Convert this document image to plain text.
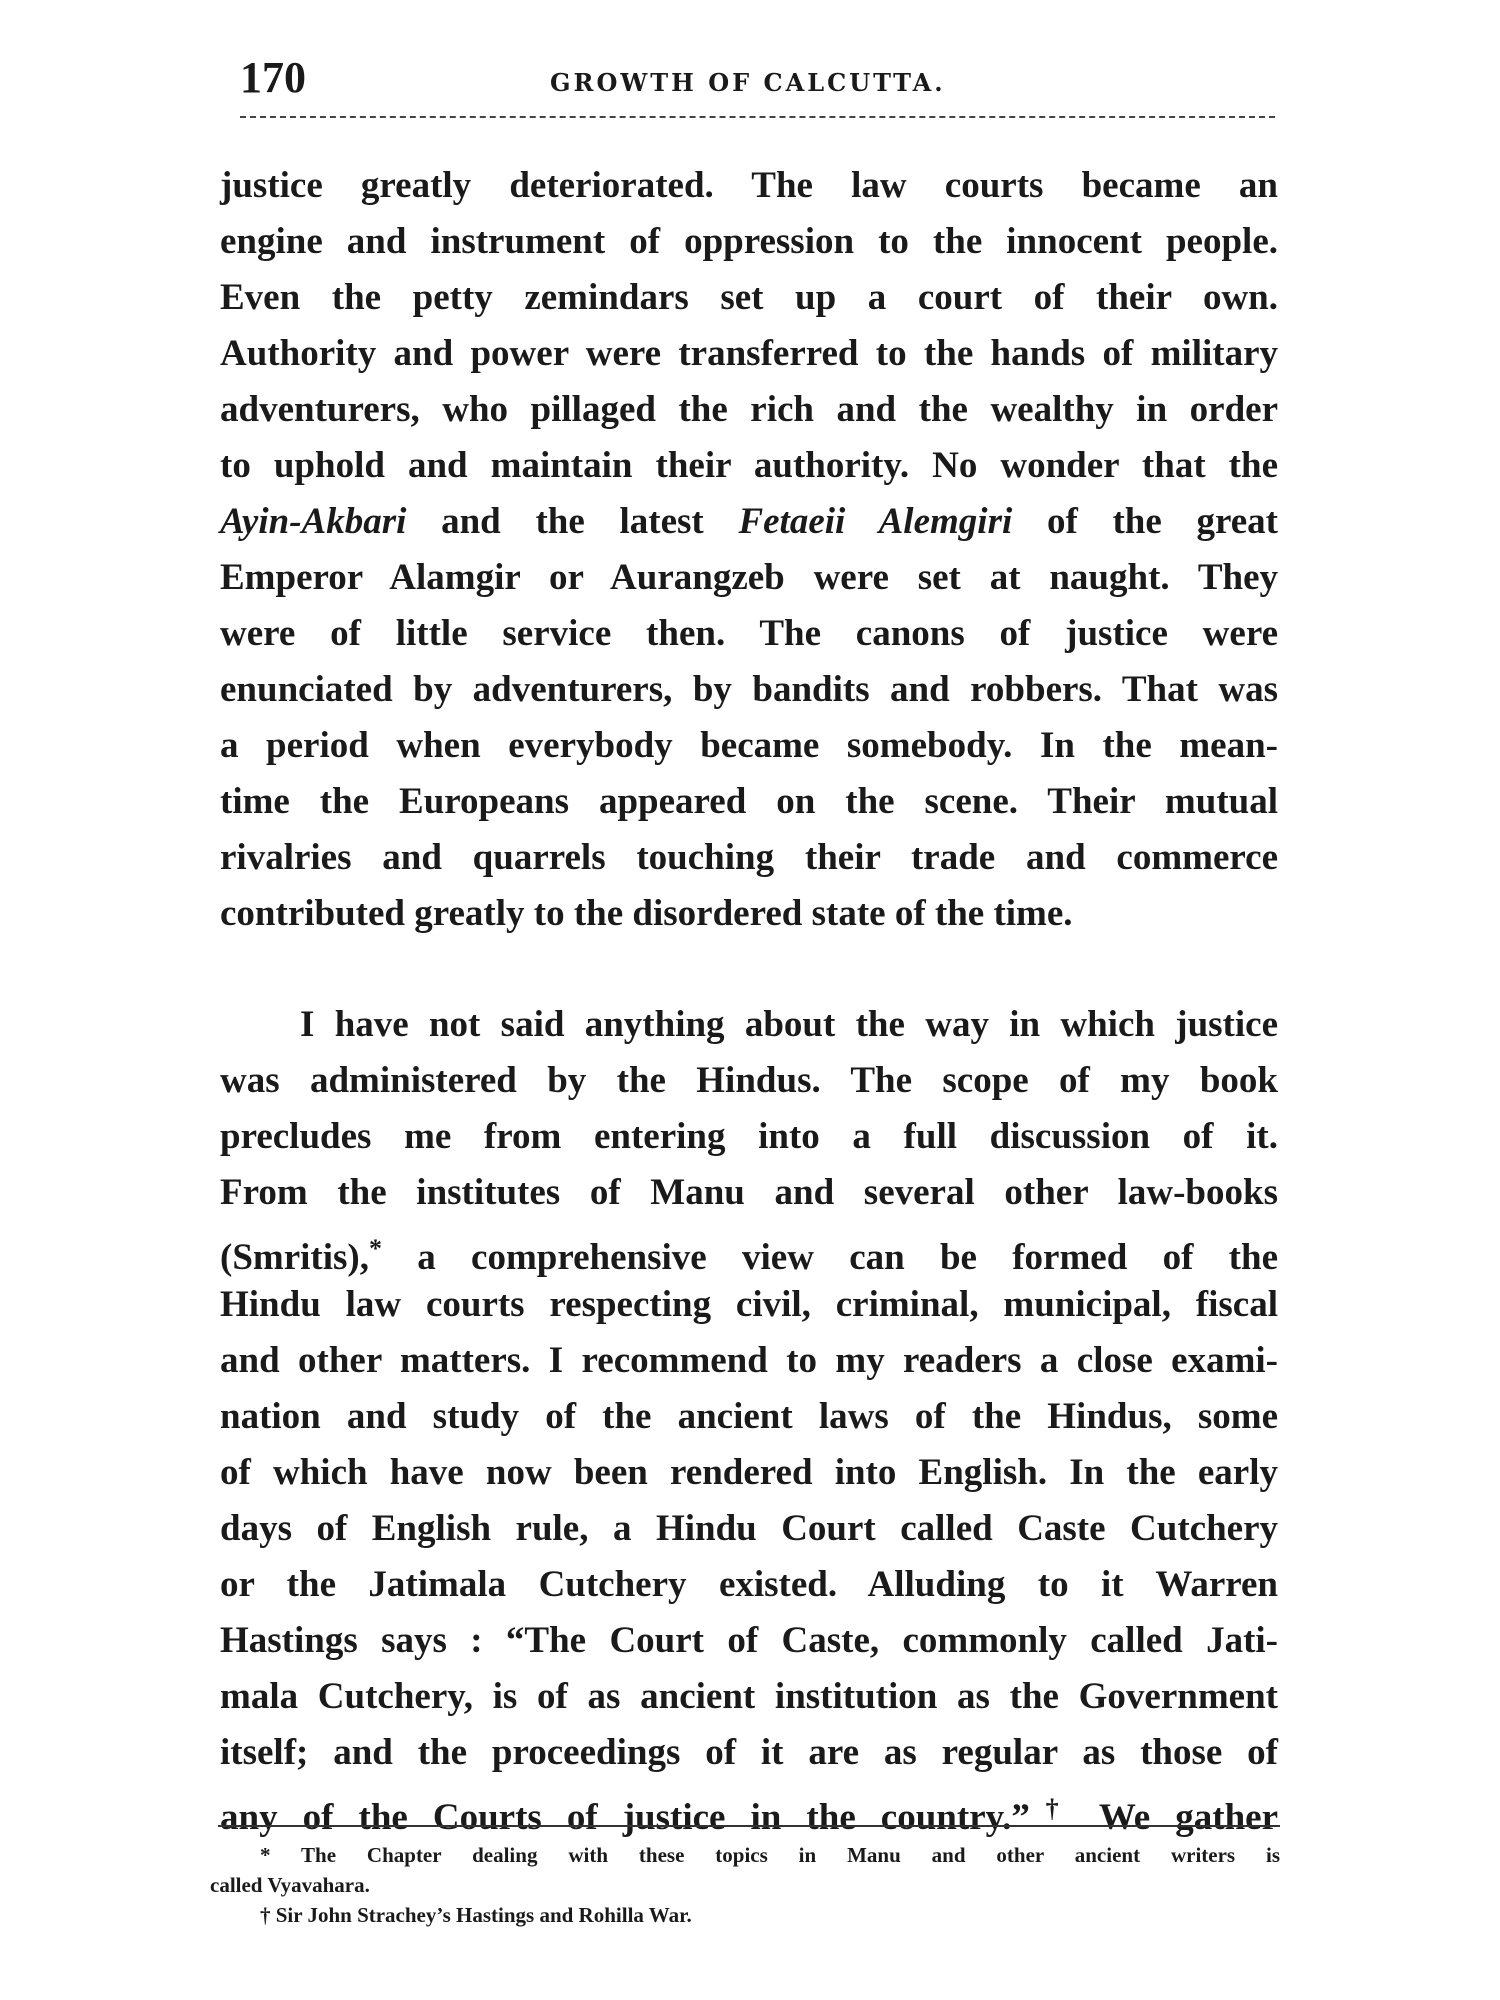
170	GROWTH OF CALCUTTA.
justice greatly deteriorated. The law courts became an
engine and instrument of oppression to the innocent people.
Even the petty zemindars set up a court of their own.
Authority and power were transferred to the hands of military
adventurers, who pillaged the rich and the wealthy in order
to uphold and maintain their authority. No wonder that the
Ayin-Akbari and the latest Fetaeii Alemgiri of the great
Emperor Alamgir or Aurangzeb were set at naught. They
were of little service then. The canons of justice were
enunciated by adventurers, by bandits and robbers. That was
a period when everybody became somebody. In the mean-
time the Europeans appeared on the scene. Their mutual
rivalries and quarrels touching their trade and commerce
contributed greatly to the disordered state of the time.
I have not said anything about the way in which justice
was administered by the Hindus. The scope of my book
precludes me from entering into a full discussion of it.
From the institutes of Manu and several other law-books
(Smritis),* a comprehensive view can be formed of the
Hindu law courts respecting civil, criminal, municipal, fiscal
and other matters. I recommend to my readers a close exami-
nation and study of the ancient laws of the Hindus, some
of which have now been rendered into English. In the early
days of English rule, a Hindu Court called Caste Cutchery
or the Jatimala Cutchery existed. Alluding to it Warren
Hastings says : “The Court of Caste, commonly called Jati-
mala Cutchery, is of as ancient institution as the Government
itself; and the proceedings of it are as regular as those of
any of the Courts of justice in the country.”† We gather
* The Chapter dealing with these topics in Manu and other ancient writers is
called Vyavahara.
† Sir John Strachey’s Hastings and Rohilla War.
